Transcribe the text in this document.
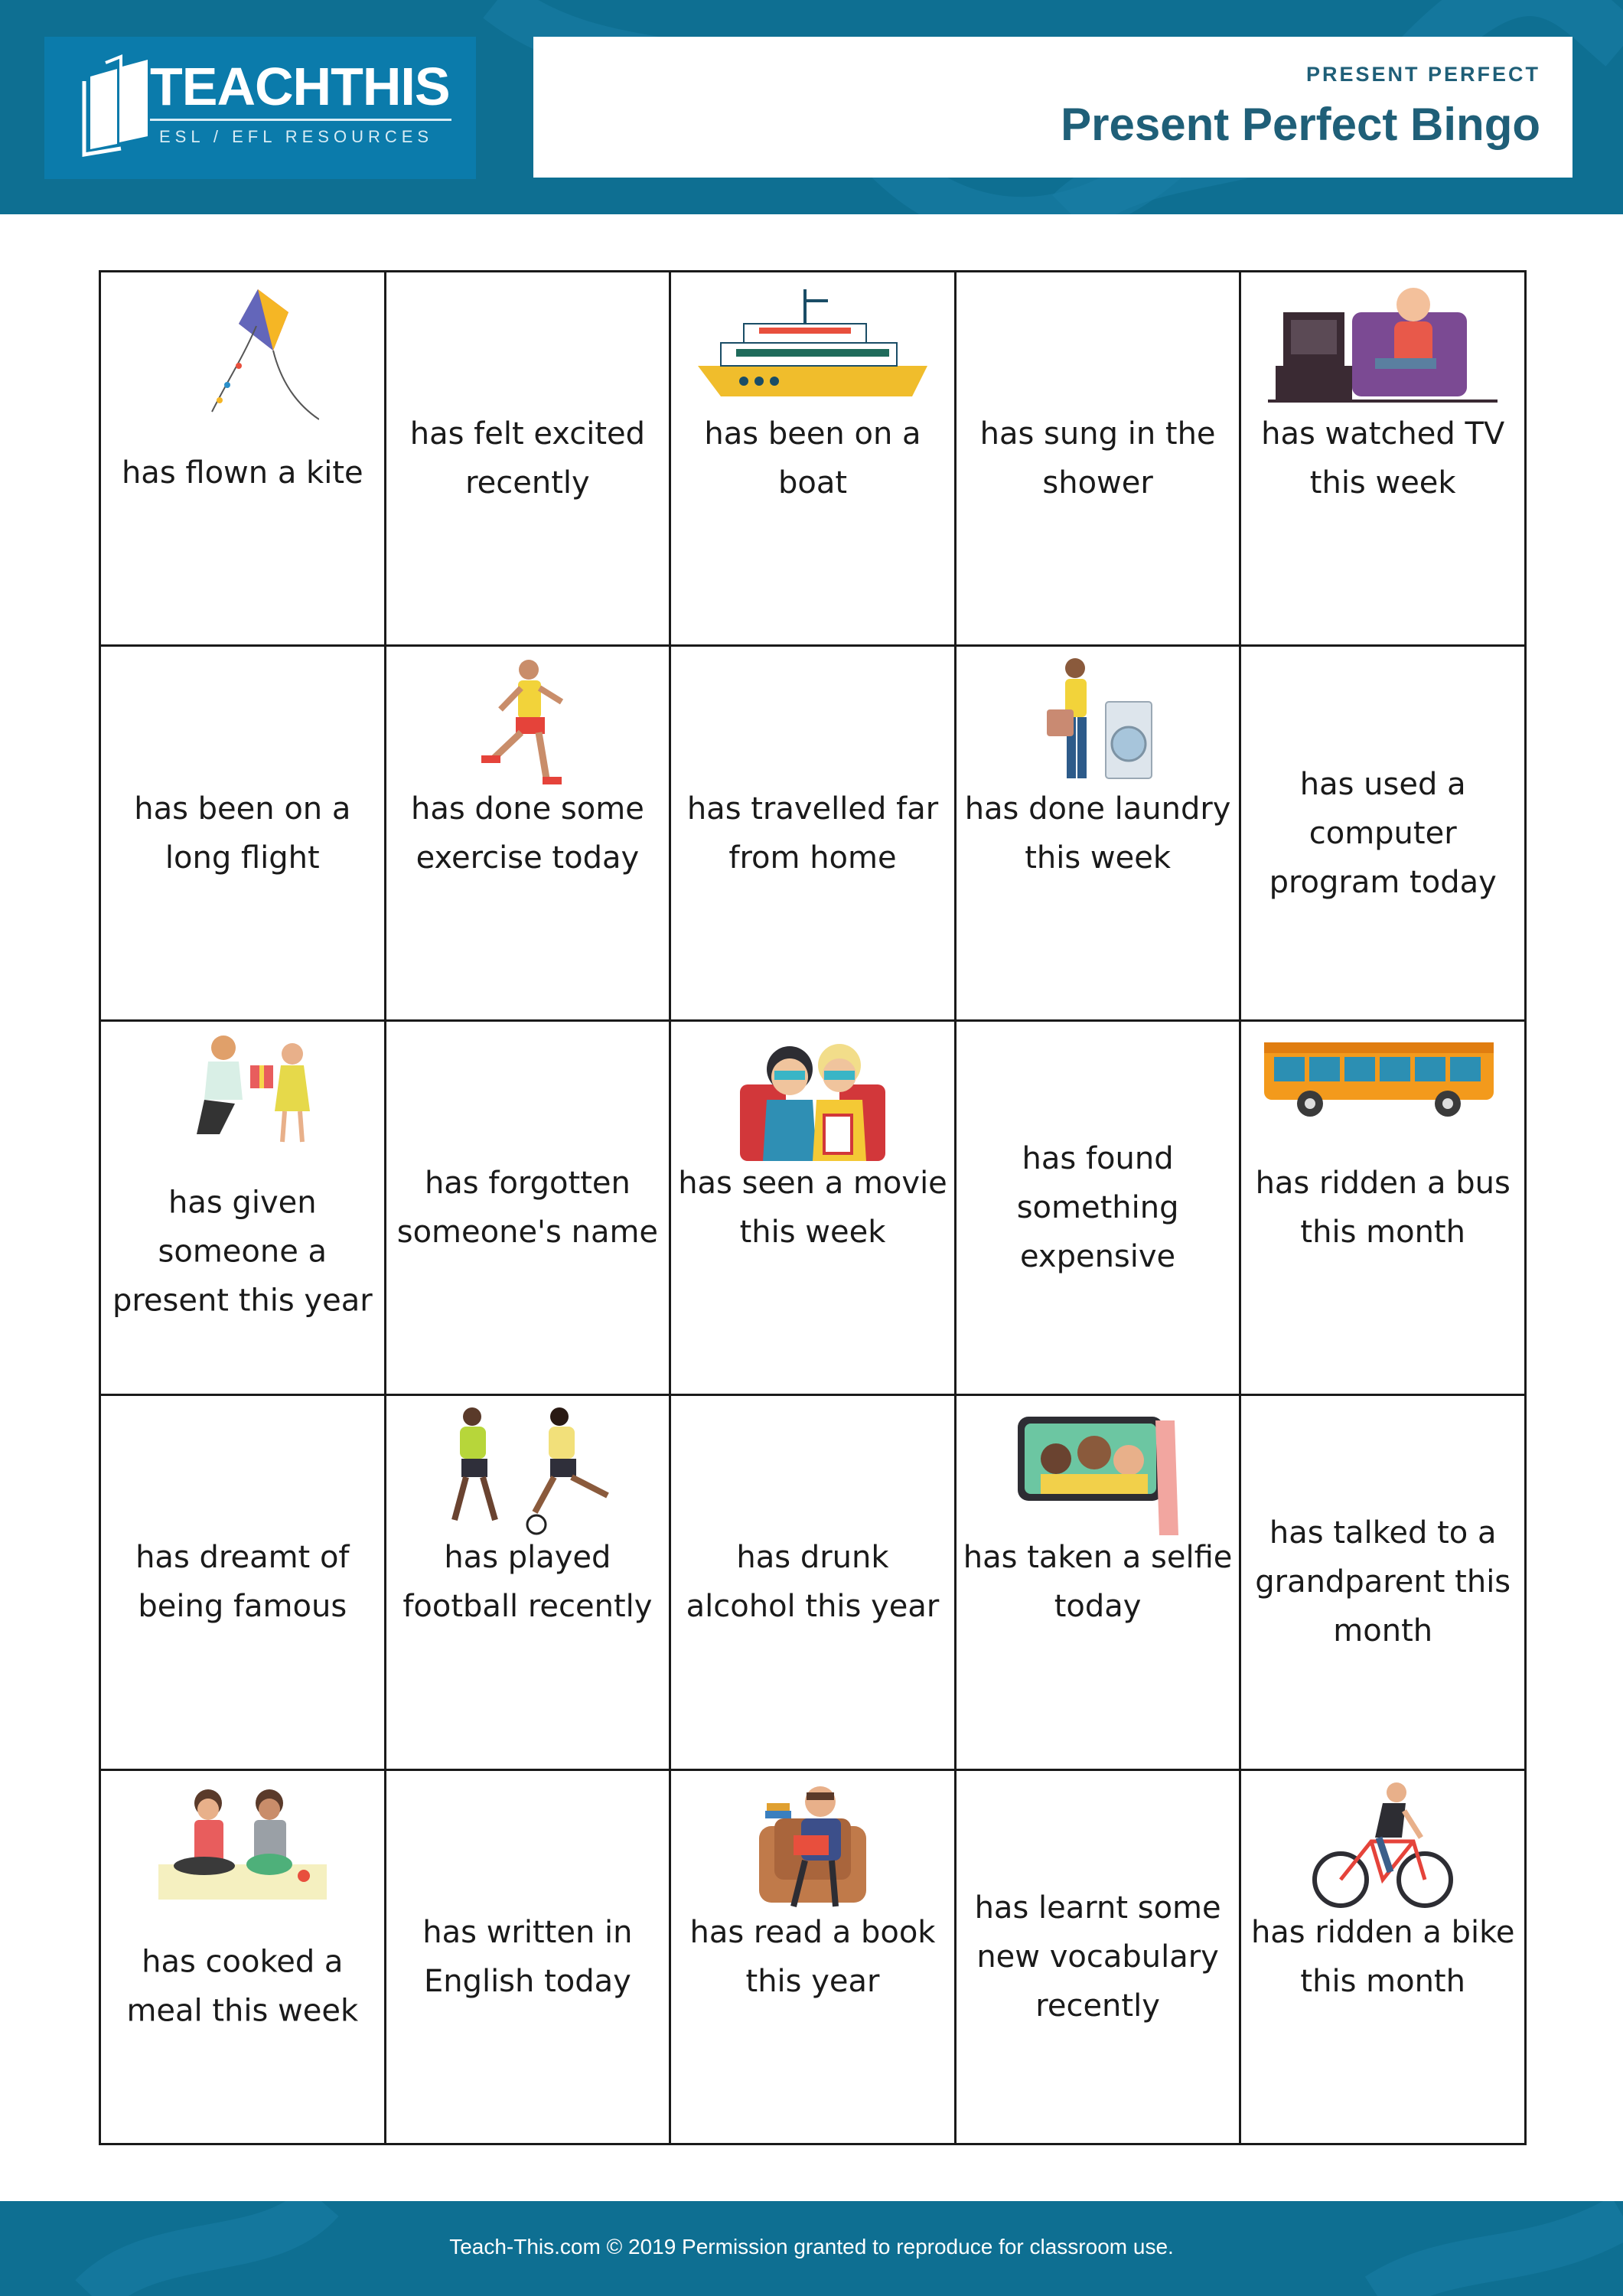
TEACHTHIS
ESL / EFL RESOURCES
PRESENT PERFECT
Present Perfect Bingo
has flown a kite
has felt excited recently
has been on a boat
has sung in the shower
has watched TV this week
has been on a long flight
has done some exercise today
has travelled far from home
has done laundry this week
has used a computer program today
has given someone a present this year
has forgotten someone's name
has seen a movie this week
has found something expensive
has ridden a bus this month
has dreamt of being famous
has played football recently
has drunk alcohol this year
has taken a selfie today
has talked to a grandparent this month
has cooked a meal this week
has written in English today
has read a book this year
has learnt some new vocabulary recently
has ridden a bike this month
Teach-This.com © 2019 Permission granted to reproduce for classroom use.
